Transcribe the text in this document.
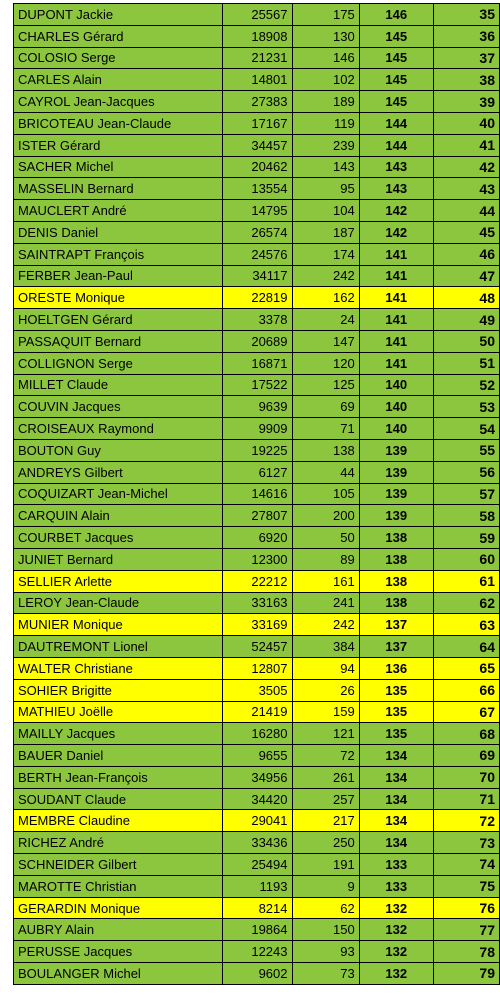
DUPONT Jackie	25567	175	146	35
CHARLES Gérard	18908	130	145	36
COLOSIO Serge	21231	146	145	37
CARLES Alain	14801	102	145	38
CAYROL Jean-Jacques	27383	189	145	39
BRICOTEAU Jean-Claude	17167	119	144	40
ISTER Gérard	34457	239	144	41
SACHER Michel	20462	143	143	42
MASSELIN Bernard	13554	95	143	43
MAUCLERT André	14795	104	142	44
DENIS Daniel	26574	187	142	45
SAINTRAPT François	24576	174	141	46
FERBER Jean-Paul	34117	242	141	47
ORESTE Monique	22819	162	141	48
HOELTGEN Gérard	3378	24	141	49
PASSAQUIT Bernard	20689	147	141	50
COLLIGNON Serge	16871	120	141	51
MILLET Claude	17522	125	140	52
COUVIN Jacques	9639	69	140	53
CROISEAUX Raymond	9909	71	140	54
BOUTON Guy	19225	138	139	55
ANDREYS Gilbert	6127	44	139	56
COQUIZART Jean-Michel	14616	105	139	57
CARQUIN Alain	27807	200	139	58
COURBET Jacques	6920	50	138	59
JUNIET Bernard	12300	89	138	60
SELLIER Arlette	22212	161	138	61
LEROY Jean-Claude	33163	241	138	62
MUNIER Monique	33169	242	137	63
DAUTREMONT Lionel	52457	384	137	64
WALTER Christiane	12807	94	136	65
SOHIER Brigitte	3505	26	135	66
MATHIEU Joëlle	21419	159	135	67
MAILLY Jacques	16280	121	135	68
BAUER Daniel	9655	72	134	69
BERTH Jean-François	34956	261	134	70
SOUDANT Claude	34420	257	134	71
MEMBRE Claudine	29041	217	134	72
RICHEZ André	33436	250	134	73
SCHNEIDER Gilbert	25494	191	133	74
MAROTTE Christian	1193	9	133	75
GERARDIN Monique	8214	62	132	76
AUBRY Alain	19864	150	132	77
PERUSSE Jacques	12243	93	132	78
BOULANGER Michel	9602	73	132	79
